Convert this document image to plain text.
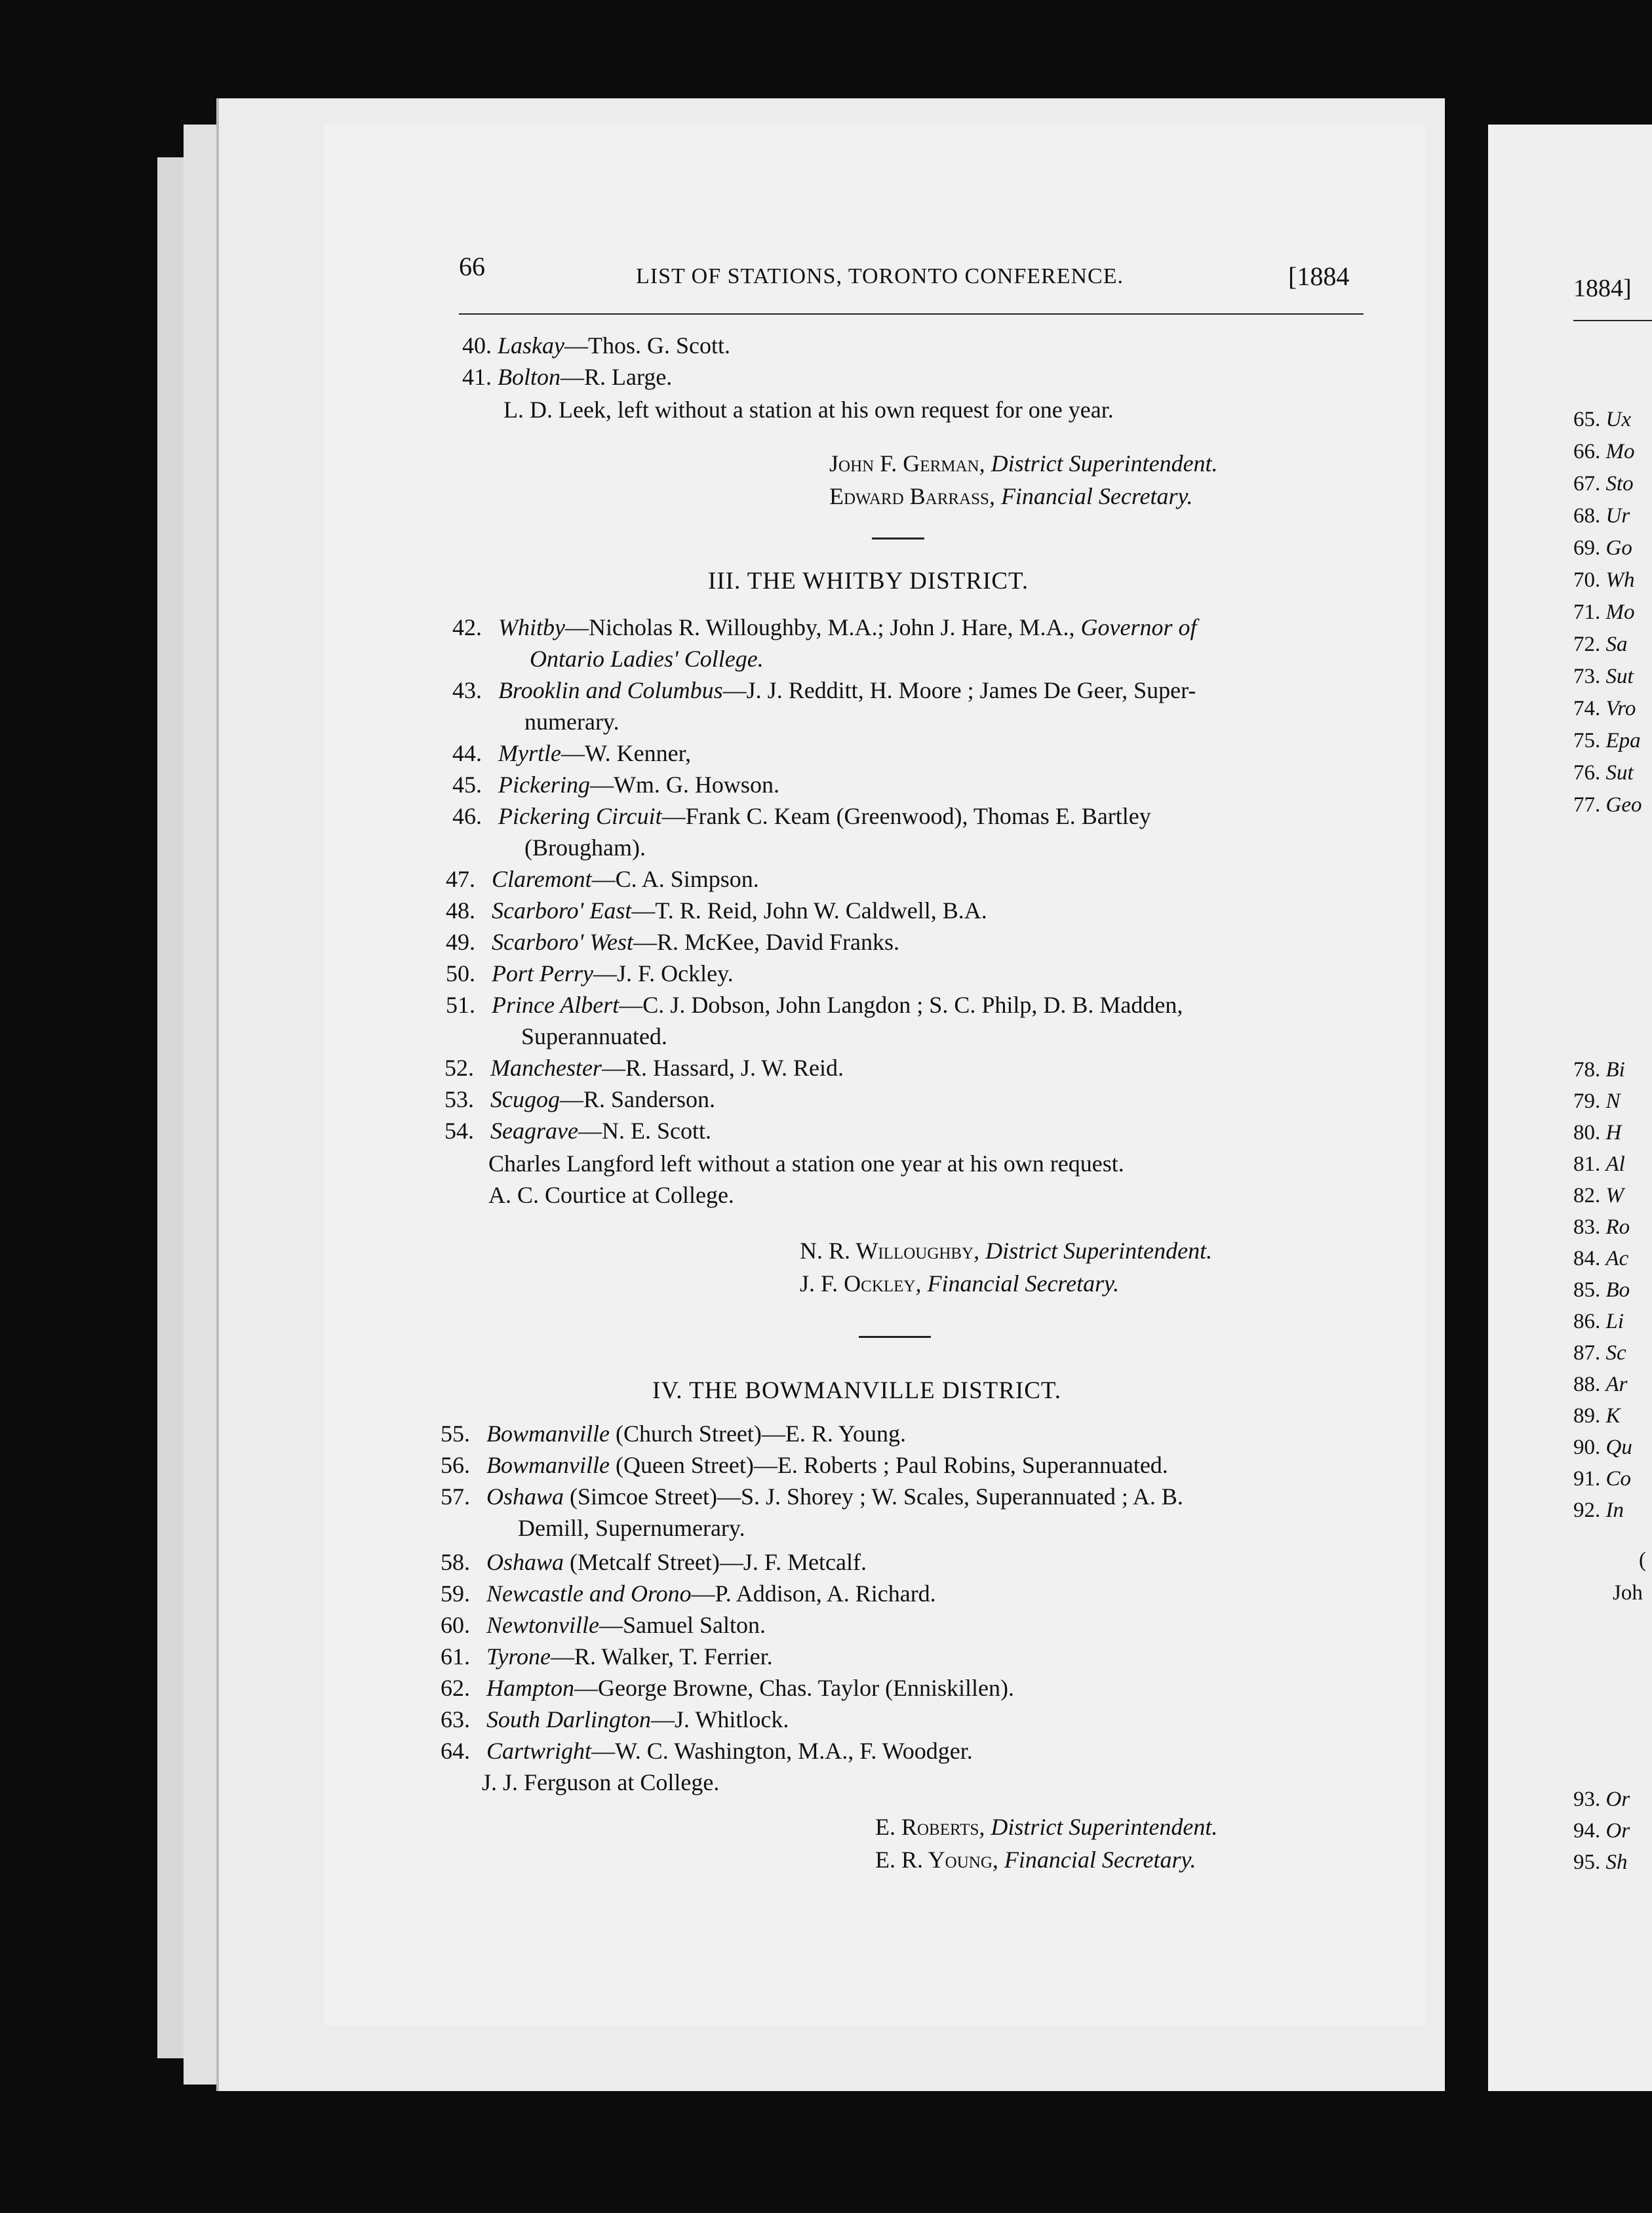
66	LIST OF STATIONS, TORONTO CONFERENCE.	[1884
40. Laskay—Thos. G. Scott.
41. Bolton—R. Large.
L. D. Leek, left without a station at his own request for one year.
John F. German, District Superintendent.
Edward Barrass, Financial Secretary.
III. THE WHITBY DISTRICT.
42. Whitby—Nicholas R. Willoughby, M.A.; John J. Hare, M.A., Governor of
Ontario Ladies' College.
43. Brooklin and Columbus—J. J. Redditt, H. Moore ; James De Geer, Super-
numerary.
44. Myrtle—W. Kenner,
45. Pickering—Wm. G. Howson.
46. Pickering Circuit—Frank C. Keam (Greenwood), Thomas E. Bartley
(Brougham).
47. Claremont—C. A. Simpson.
48. Scarboro' East—T. R. Reid, John W. Caldwell, B.A.
49. Scarboro' West—R. McKee, David Franks.
50. Port Perry—J. F. Ockley.
51. Prince Albert—C. J. Dobson, John Langdon ; S. C. Philp, D. B. Madden,
Superannuated.
52. Manchester—R. Hassard, J. W. Reid.
53. Scugog—R. Sanderson.
54. Seagrave—N. E. Scott.
Charles Langford left without a station one year at his own request.
A. C. Courtice at College.
N. R. Willoughby, District Superintendent.
J. F. Ockley, Financial Secretary.
IV. THE BOWMANVILLE DISTRICT.
55. Bowmanville (Church Street)—E. R. Young.
56. Bowmanville (Queen Street)—E. Roberts ; Paul Robins, Superannuated.
57. Oshawa (Simcoe Street)—S. J. Shorey ; W. Scales, Superannuated ; A. B.
Demill, Supernumerary.
58. Oshawa (Metcalf Street)—J. F. Metcalf.
59. Newcastle and Orono—P. Addison, A. Richard.
60. Newtonville—Samuel Salton.
61. Tyrone—R. Walker, T. Ferrier.
62. Hampton—George Browne, Chas. Taylor (Enniskillen).
63. South Darlington—J. Whitlock.
64. Cartwright—W. C. Washington, M.A., F. Woodger.
J. J. Ferguson at College.
E. Roberts, District Superintendent.
E. R. Young, Financial Secretary.
1884]
65. Ux
66. Mo
67. Sto
68. Ur
69. Go
70. Wh
71. Mo
72. Sa
73. Sut
74. Vro
75. Epa
76. Sut
77. Geo
78. Bi
79. N
80. H
81. Al
82. W
83. Ro
84. Ac
85. Bo
86. Li
87. Sc
88. Ar
89. K
90. Qu
91. Co
92. In
(
Joh
93. Or
94. Or
95. Sh
